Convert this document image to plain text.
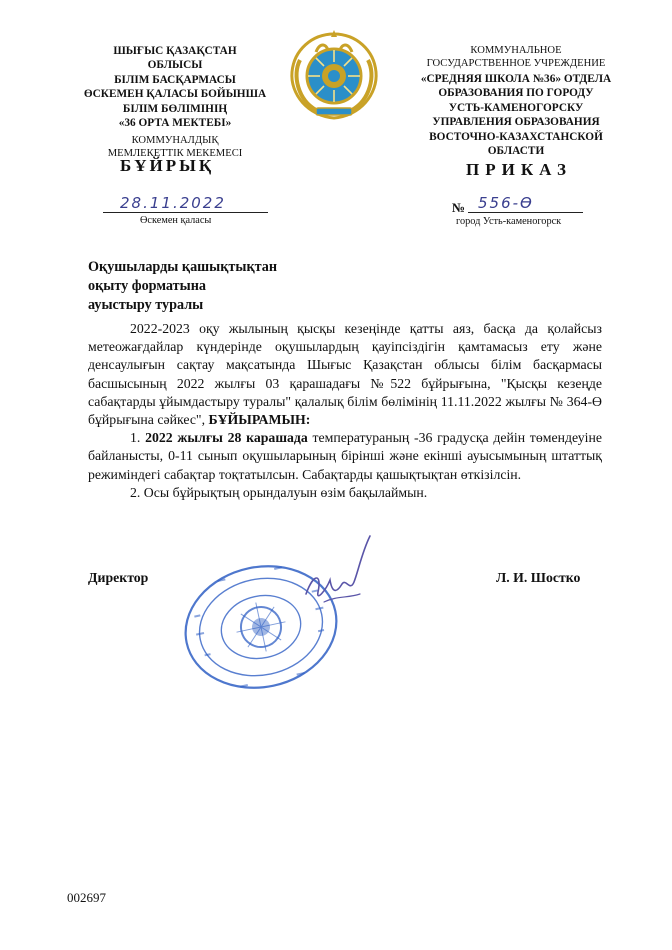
ШЫҒЫС ҚАЗАҚСТАН
ОБЛЫСЫ
БІЛІМ БАСҚАРМАСЫ
ӨСКЕМЕН ҚАЛАСЫ БОЙЫНША
БІЛІМ БӨЛІМІНІҢ
«36 ОРТА МЕКТЕБІ»
КОММУНАЛДЫҚ
МЕМЛЕКЕТТІК МЕКЕМЕСІ
БҰЙРЫҚ
28.11.2022
Өскемен қаласы
КОММУНАЛЬНОЕ
ГОСУДАРСТВЕННОЕ УЧРЕЖДЕНИЕ
«СРЕДНЯЯ ШКОЛА №36» ОТДЕЛА
ОБРАЗОВАНИЯ ПО ГОРОДУ
УСТЬ-КАМЕНОГОРСКУ
УПРАВЛЕНИЯ ОБРАЗОВАНИЯ
ВОСТОЧНО-КАЗАХСТАНСКОЙ
ОБЛАСТИ
ПРИКАЗ
№ 556-Ө
город Усть-каменогорск
Оқушыларды қашықтықтан
оқыту форматына
ауыстыру туралы

2022-2023 оқу жылының қысқы кезеңінде қатты аяз, басқа да қолайсыз метеожағдайлар күндерінде оқушылардың қауіпсіздігін қамтамасыз ету және денсаулығын сақтау мақсатында Шығыс Қазақстан облысы білім басқармасы басшысының 2022 жылғы 03 қарашадағы №522 бұйрығына, "Қысқы кезеңде сабақтарды ұйымдастыру туралы" қалалық білім бөлімінің 11.11.2022 жылғы № 364-Ө бұйрығына сәйкес", БҰЙЫРАМЫН:

1. 2022 жылғы 28 карашада температураның -36 градусқа дейін төмендеуіне байланысты, 0-11 сынып оқушыларының бірінші және екінші ауысымының штаттық режиміндегі сабақтар тоқтатылсын. Сабақтарды қашықтықтан өткізілсін.

2. Осы бұйрықтың орындалуын өзім бақылаймын.

Директор	Л. И. Шостко
002697
